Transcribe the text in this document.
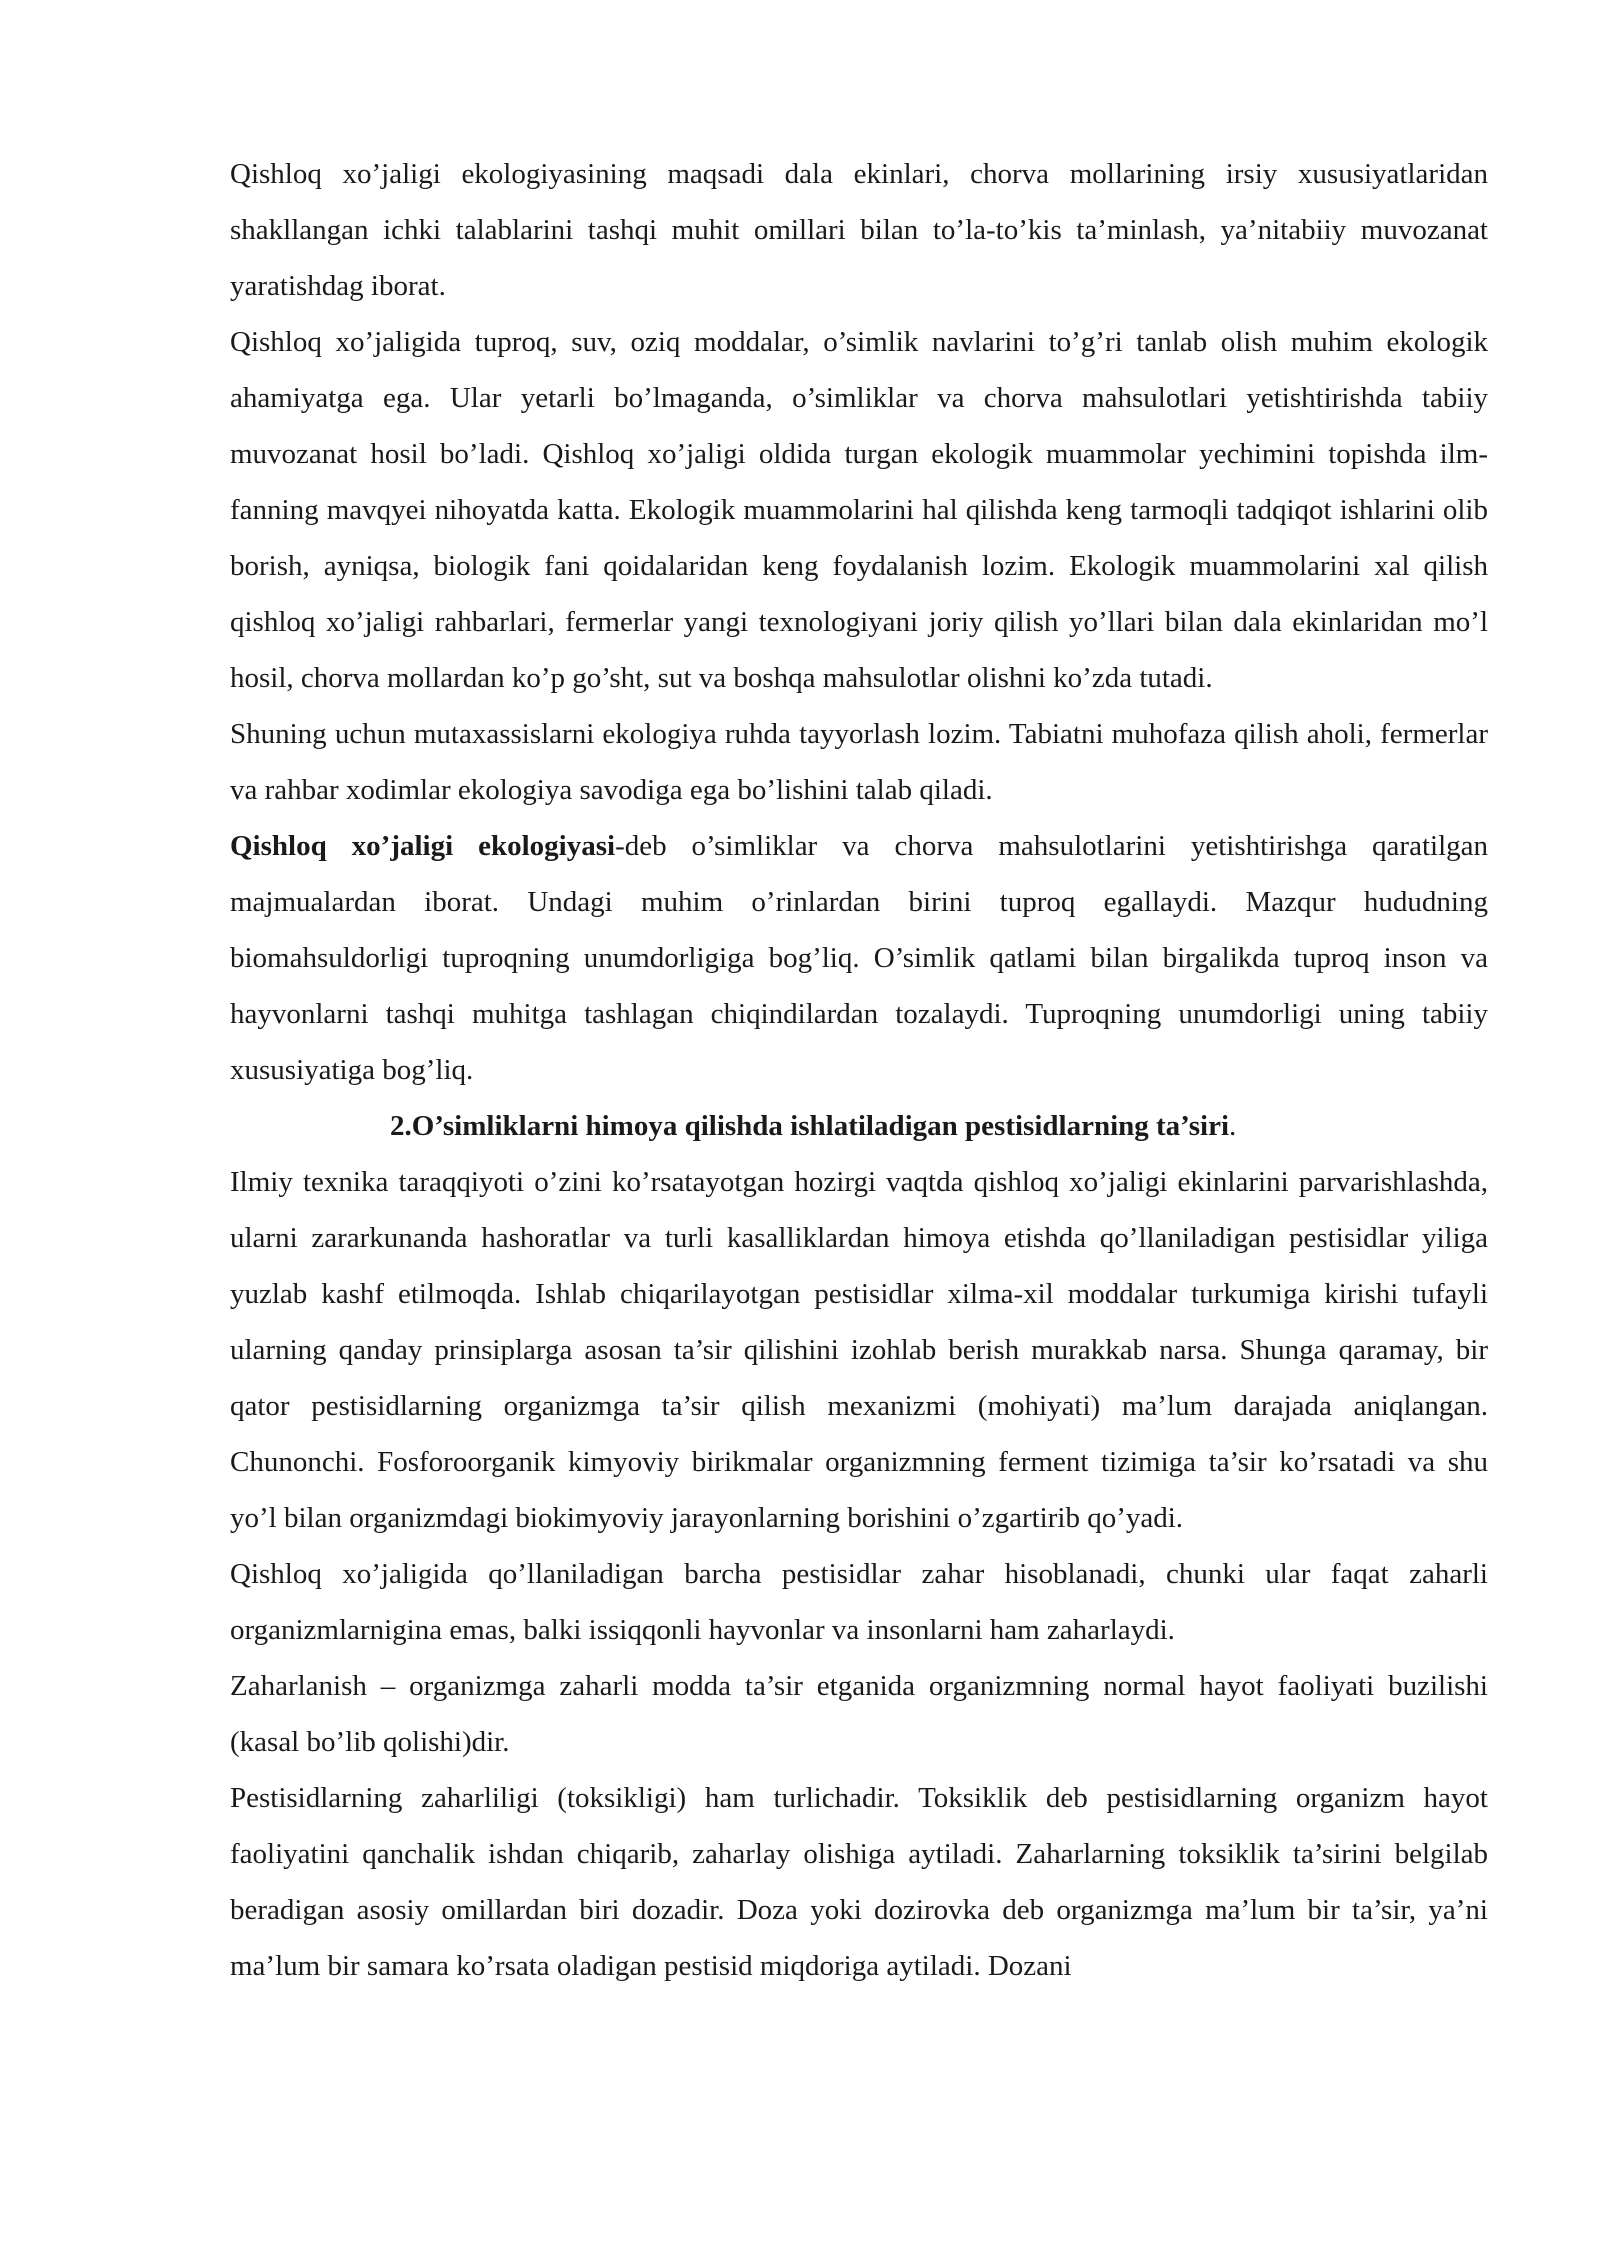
Qishloq xo’jaligi ekologiyasining maqsadi dala ekinlari, chorva mollarining irsiy xususiyatlaridan shakllangan ichki talablarini tashqi muhit omillari bilan to’la-to’kis ta’minlash, ya’nitabiiy muvozanat yaratishdag iborat.

Qishloq xo’jaligida tuproq, suv, oziq moddalar, o’simlik navlarini to’g’ri tanlab olish muhim ekologik ahamiyatga ega. Ular yetarli bo’lmaganda, o’simliklar va chorva mahsulotlari yetishtirishda tabiiy muvozanat hosil bo’ladi. Qishloq xo’jaligi oldida turgan ekologik muammolar yechimini topishda ilm-fanning mavqyei nihoyatda katta. Ekologik muammolarini hal qilishda keng tarmoqli tadqiqot ishlarini olib borish, ayniqsa, biologik fani qoidalaridan keng foydalanish lozim. Ekologik muammolarini xal qilish qishloq xo’jaligi rahbarlari, fermerlar yangi texnologiyani joriy qilish yo’llari bilan dala ekinlaridan mo’l hosil, chorva mollardan ko’p go’sht, sut va boshqa mahsulotlar olishni ko’zda tutadi.

Shuning uchun mutaxassislarni ekologiya ruhda tayyorlash lozim. Tabiatni muhofaza qilish aholi, fermerlar va rahbar xodimlar ekologiya savodiga ega bo’lishini talab qiladi.

Qishloq xo’jaligi ekologiyasi-deb o’simliklar va chorva mahsulotlarini yetishtirishga qaratilgan majmualardan iborat. Undagi muhim o’rinlardan birini tuproq egallaydi. Mazqur hududning biomahsuldorligi tuproqning unumdorligiga bog’liq. O’simlik qatlami bilan birgalikda tuproq inson va hayvonlarni tashqi muhitga tashlagan chiqindilardan tozalaydi. Tuproqning unumdorligi uning tabiiy xususiyatiga bog’liq.

2.O’simliklarni himoya qilishda ishlatiladigan pestisidlarning ta’siri.

Ilmiy texnika taraqqiyoti o’zini ko’rsatayotgan hozirgi vaqtda qishloq xo’jaligi ekinlarini parvarishlashda, ularni zararkunanda hashoratlar va turli kasalliklardan himoya etishda qo’llaniladigan pestisidlar yiliga yuzlab kashf etilmoqda. Ishlab chiqarilayotgan pestisidlar xilma-xil moddalar turkumiga kirishi tufayli ularning qanday prinsiplarga asosan ta’sir qilishini izohlab berish murakkab narsa. Shunga qaramay, bir qator pestisidlarning organizmga ta’sir qilish mexanizmi (mohiyati) ma’lum darajada aniqlangan. Chunonchi. Fosforoorganik kimyoviy birikmalar organizmning ferment tizimiga ta’sir ko’rsatadi va shu yo’l bilan organizmdagi biokimyoviy jarayonlarning borishini o’zgartirib qo’yadi.

Qishloq xo’jaligida qo’llaniladigan barcha pestisidlar zahar hisoblanadi, chunki ular faqat zaharli organizmlarnigina emas, balki issiqqonli hayvonlar va insonlarni ham zaharlaydi.

Zaharlanish – organizmga zaharli modda ta’sir etganida organizmning normal hayot faoliyati buzilishi (kasal bo’lib qolishi)dir.

Pestisidlarning zaharliligi (toksikligi) ham turlichadir. Toksiklik deb pestisidlarning organizm hayot faoliyatini qanchalik ishdan chiqarib, zaharlay olishiga aytiladi. Zaharlarning toksiklik ta’sirini belgilab beradigan asosiy omillardan biri dozadir. Doza yoki dozirovka deb organizmga ma’lum bir ta’sir, ya’ni ma’lum bir samara ko’rsata oladigan pestisid miqdoriga aytiladi. Dozani
